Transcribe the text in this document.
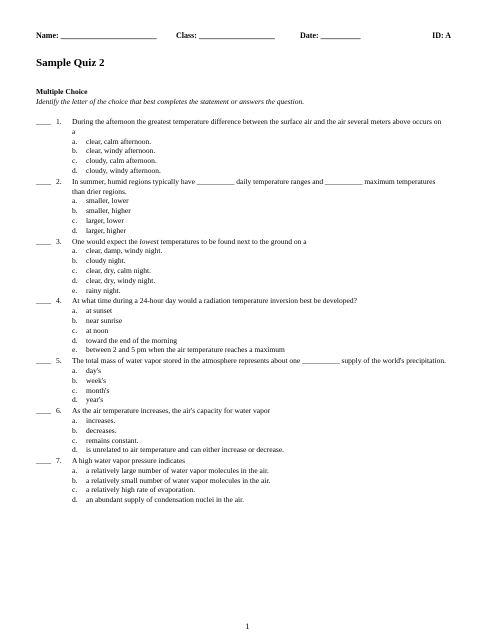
Name: ________________________ Class: ___________________	Date: __________	ID: A
Sample Quiz 2
Multiple Choice
Identify the letter of the choice that best completes the statement or answers the question.
____ 1. During the afternoon the greatest temperature difference between the surface air and the air several meters above occurs on a
a. clear, calm afternoon.
b. clear, windy afternoon.
c. cloudy, calm afternoon.
d. cloudy, windy afternoon.
____ 2. In summer, humid regions typically have __________ daily temperature ranges and __________ maximum temperatures than drier regions.
a. smaller, lower
b. smaller, higher
c. larger, lower
d. larger, higher
____ 3. One would expect the lowest temperatures to be found next to the ground on a
a. clear, damp, windy night.
b. cloudy night.
c. clear, dry, calm night.
d. clear, dry, windy night.
e. rainy night.
____ 4. At what time during a 24-hour day would a radiation temperature inversion best be developed?
a. at sunset
b. near sunrise
c. at noon
d. toward the end of the morning
e. between 2 and 5 pm when the air temperature reaches a maximum
____ 5. The total mass of water vapor stored in the atmosphere represents about one __________ supply of the world's precipitation.
a. day's
b. week's
c. month's
d. year's
____ 6. As the air temperature increases, the air's capacity for water vapor
a. increases.
b. decreases.
c. remains constant.
d. is unrelated to air temperature and can either increase or decrease.
____ 7. A high water vapor pressure indicates
a. a relatively large number of water vapor molecules in the air.
b. a relatively small number of water vapor molecules in the air.
c. a relatively high rate of evaporation.
d. an abundant supply of condensation nuclei in the air.
1
